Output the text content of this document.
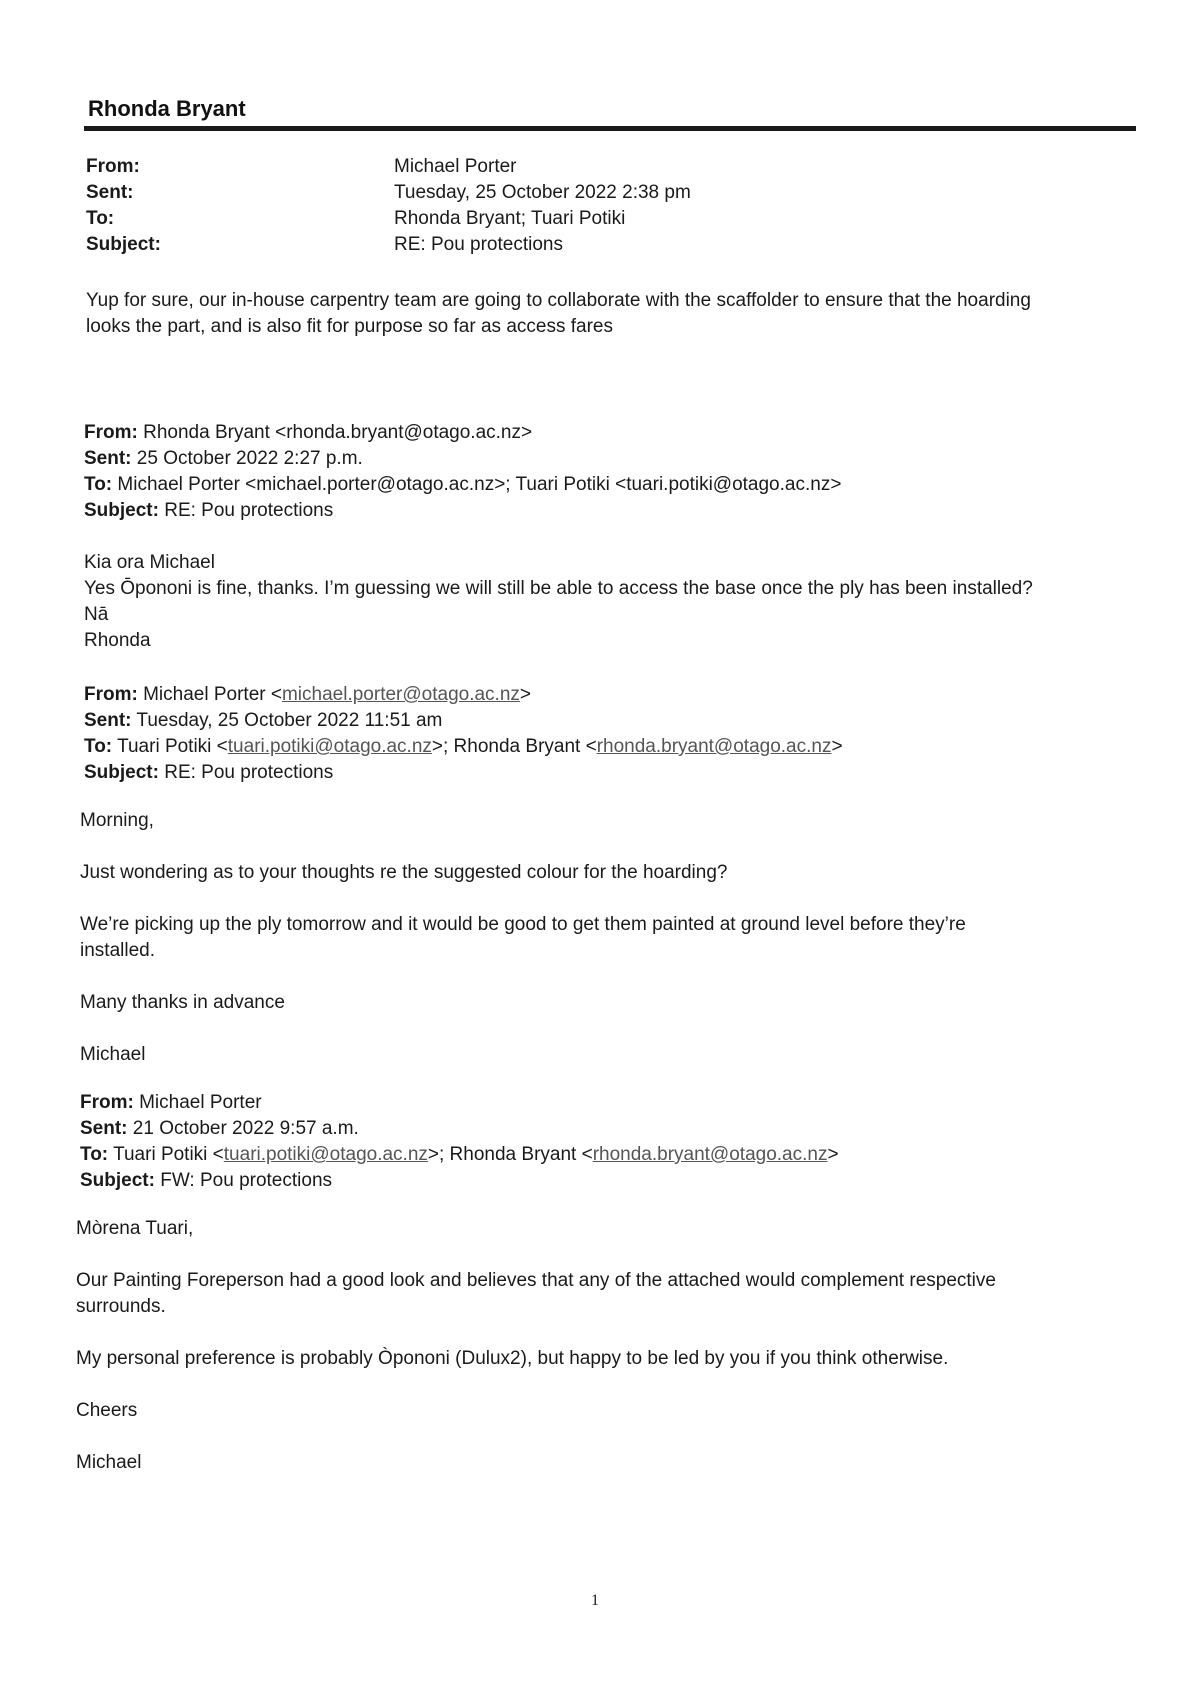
Rhonda Bryant
From:	Michael Porter
Sent:	Tuesday, 25 October 2022 2:38 pm
To:	Rhonda Bryant; Tuari Potiki
Subject:	RE: Pou protections
Yup for sure, our in-house carpentry team are going to collaborate with the scaffolder to ensure that the hoarding
looks the part, and is also fit for purpose so far as access fares
From: Rhonda Bryant <rhonda.bryant@otago.ac.nz>
Sent: 25 October 2022 2:27 p.m.
To: Michael Porter <michael.porter@otago.ac.nz>; Tuari Potiki <tuari.potiki@otago.ac.nz>
Subject: RE: Pou protections
Kia ora Michael
Yes Ōpononi is fine, thanks. I’m guessing we will still be able to access the base once the ply has been installed?
Nā
Rhonda
From: Michael Porter <michael.porter@otago.ac.nz>
Sent: Tuesday, 25 October 2022 11:51 am
To: Tuari Potiki <tuari.potiki@otago.ac.nz>; Rhonda Bryant <rhonda.bryant@otago.ac.nz>
Subject: RE: Pou protections
Morning,
Just wondering as to your thoughts re the suggested colour for the hoarding?
We’re picking up the ply tomorrow and it would be good to get them painted at ground level before they’re
installed.
Many thanks in advance
Michael
From: Michael Porter
Sent: 21 October 2022 9:57 a.m.
To: Tuari Potiki <tuari.potiki@otago.ac.nz>; Rhonda Bryant <rhonda.bryant@otago.ac.nz>
Subject: FW: Pou protections
Mòrena Tuari,
Our Painting Foreperson had a good look and believes that any of the attached would complement respective
surrounds.
My personal preference is probably Òpononi (Dulux2), but happy to be led by you if you think otherwise.
Cheers
Michael
1
